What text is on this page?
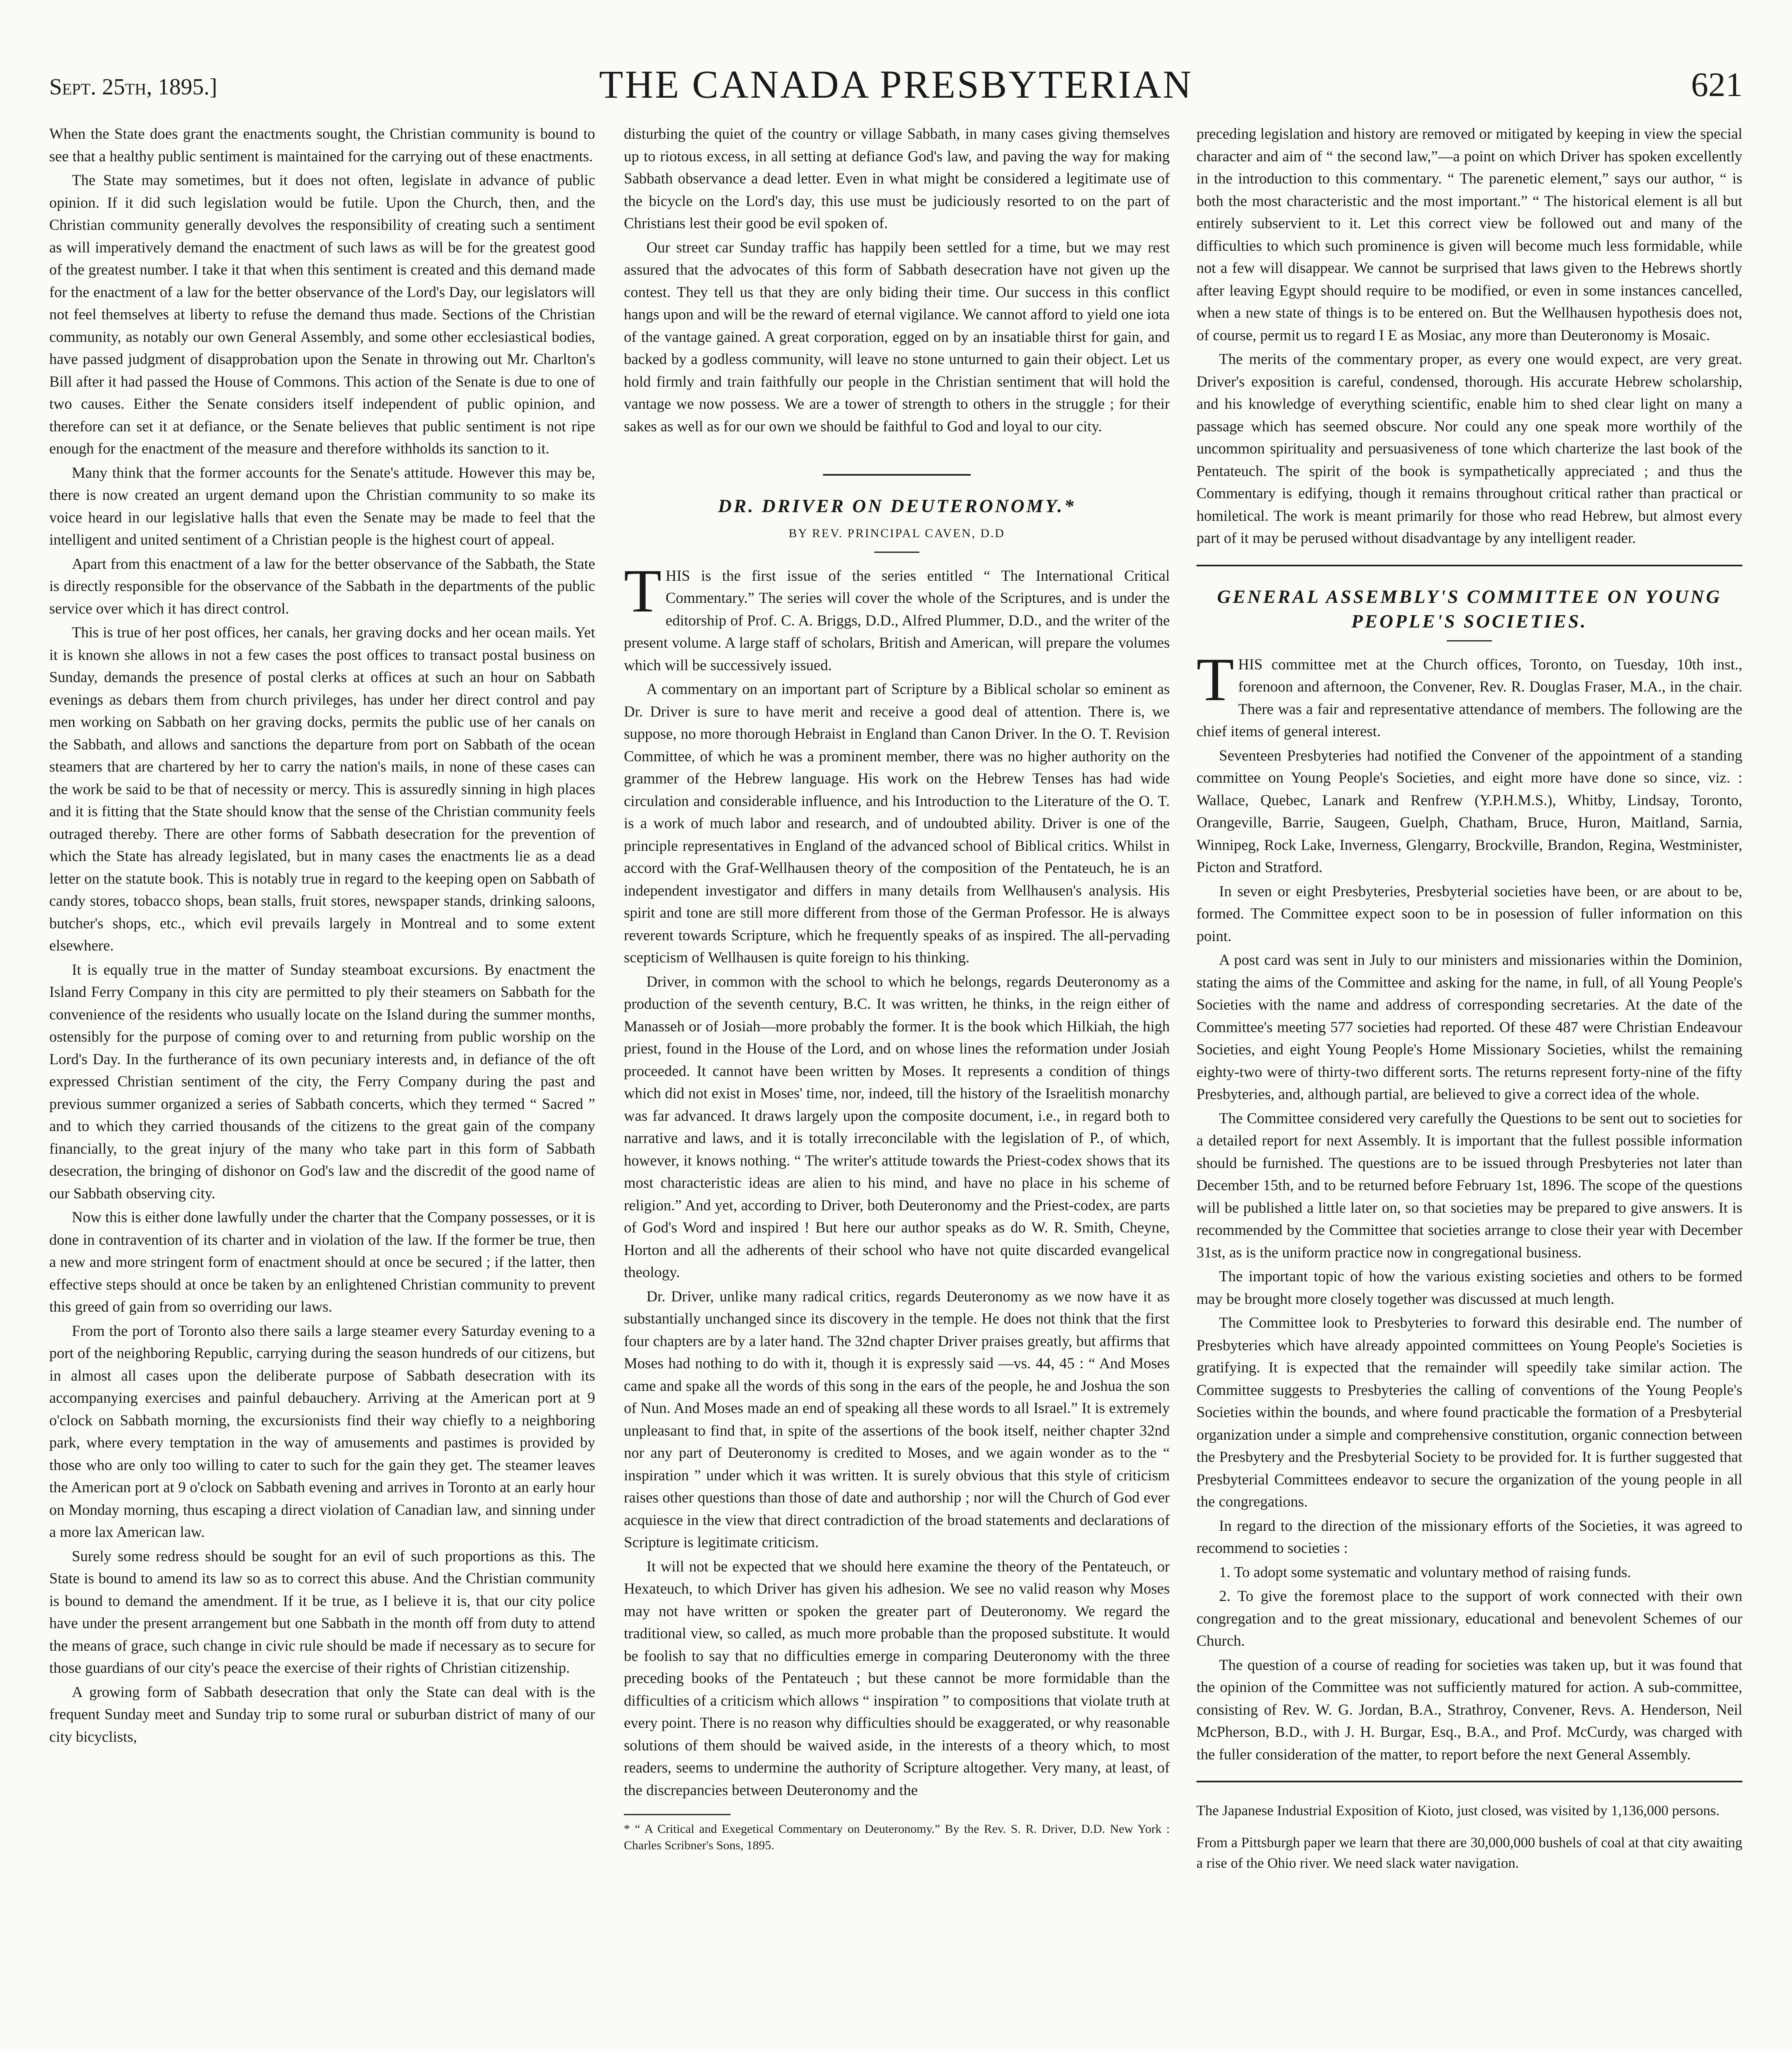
Sept. 25th, 1895.]	THE CANADA PRESBYTERIAN	621

When the State does grant the enactments sought, the Christian community is bound to see that a healthy public sentiment is maintained for the carrying out of these enactments.

The State may sometimes, but it does not often, legislate in advance of public opinion. If it did such legislation would be futile. Upon the Church, then, and the Christian community generally devolves the responsibility of creating such a sentiment as will imperatively demand the enactment of such laws as will be for the greatest good of the greatest number. I take it that when this sentiment is created and this demand made for the enactment of a law for the better observance of the Lord's Day, our legislators will not feel themselves at liberty to refuse the demand thus made. Sections of the Christian community, as notably our own General Assembly, and some other ecclesiastical bodies, have passed judgment of disapprobation upon the Senate in throwing out Mr. Charlton's Bill after it had passed the House of Commons. This action of the Senate is due to one of two causes. Either the Senate considers itself independent of public opinion, and therefore can set it at defiance, or the Senate believes that public sentiment is not ripe enough for the enactment of the measure and therefore withholds its sanction to it.

Many think that the former accounts for the Senate's attitude. However this may be, there is now created an urgent demand upon the Christian community to so make its voice heard in our legislative halls that even the Senate may be made to feel that the intelligent and united sentiment of a Christian people is the highest court of appeal.

Apart from this enactment of a law for the better observance of the Sabbath, the State is directly responsible for the observance of the Sabbath in the departments of the public service over which it has direct control.

This is true of her post offices, her canals, her graving docks and her ocean mails. Yet it is known she allows in not a few cases the post offices to transact postal business on Sunday, demands the presence of postal clerks at offices at such an hour on Sabbath evenings as debars them from church privileges, has under her direct control and pay men working on Sabbath on her graving docks, permits the public use of her canals on the Sabbath, and allows and sanctions the departure from port on Sabbath of the ocean steamers that are chartered by her to carry the nation's mails, in none of these cases can the work be said to be that of necessity or mercy. This is assuredly sinning in high places and it is fitting that the State should know that the sense of the Christian community feels outraged thereby. There are other forms of Sabbath desecration for the prevention of which the State has already legislated, but in many cases the enactments lie as a dead letter on the statute book. This is notably true in regard to the keeping open on Sabbath of candy stores, tobacco shops, bean stalls, fruit stores, newspaper stands, drinking saloons, butcher's shops, etc., which evil prevails largely in Montreal and to some extent elsewhere.

It is equally true in the matter of Sunday steamboat excursions. By enactment the Island Ferry Company in this city are permitted to ply their steamers on Sabbath for the convenience of the residents who usually locate on the Island during the summer months, ostensibly for the purpose of coming over to and returning from public worship on the Lord's Day. In the furtherance of its own pecuniary interests and, in defiance of the oft expressed Christian sentiment of the city, the Ferry Company during the past and previous summer organized a series of Sabbath concerts, which they termed “ Sacred ” and to which they carried thousands of the citizens to the great gain of the company financially, to the great injury of the many who take part in this form of Sabbath desecration, the bringing of dishonor on God's law and the discredit of the good name of our Sabbath observing city.

Now this is either done lawfully under the charter that the Company possesses, or it is done in contravention of its charter and in violation of the law. If the former be true, then a new and more stringent form of enactment should at once be secured ; if the latter, then effective steps should at once be taken by an enlightened Christian community to prevent this greed of gain from so overriding our laws.

From the port of Toronto also there sails a large steamer every Saturday evening to a port of the neighboring Republic, carrying during the season hundreds of our citizens, but in almost all cases upon the deliberate purpose of Sabbath desecration with its accompanying exercises and painful debauchery. Arriving at the American port at 9 o'clock on Sabbath morning, the excursionists find their way chiefly to a neighboring park, where every temptation in the way of amusements and pastimes is provided by those who are only too willing to cater to such for the gain they get. The steamer leaves the American port at 9 o'clock on Sabbath evening and arrives in Toronto at an early hour on Monday morning, thus escaping a direct violation of Canadian law, and sinning under a more lax American law.

Surely some redress should be sought for an evil of such proportions as this. The State is bound to amend its law so as to correct this abuse. And the Christian community is bound to demand the amendment. If it be true, as I believe it is, that our city police have under the present arrangement but one Sabbath in the month off from duty to attend the means of grace, such change in civic rule should be made if necessary as to secure for those guardians of our city's peace the exercise of their rights of Christian citizenship.

A growing form of Sabbath desecration that only the State can deal with is the frequent Sunday meet and Sunday trip to some rural or suburban district of many of our city bicyclists,

disturbing the quiet of the country or village Sabbath, in many cases giving themselves up to riotous excess, in all setting at defiance God's law, and paving the way for making Sabbath observance a dead letter. Even in what might be considered a legitimate use of the bicycle on the Lord's day, this use must be judiciously resorted to on the part of Christians lest their good be evil spoken of.

Our street car Sunday traffic has happily been settled for a time, but we may rest assured that the advocates of this form of Sabbath desecration have not given up the contest. They tell us that they are only biding their time. Our success in this conflict hangs upon and will be the reward of eternal vigilance. We cannot afford to yield one iota of the vantage gained. A great corporation, egged on by an insatiable thirst for gain, and backed by a godless community, will leave no stone unturned to gain their object. Let us hold firmly and train faithfully our people in the Christian sentiment that will hold the vantage we now possess. We are a tower of strength to others in the struggle ; for their sakes as well as for our own we should be faithful to God and loyal to our city.

DR. DRIVER ON DEUTERONOMY.*
BY REV. PRINCIPAL CAVEN, D.D

THIS is the first issue of the series entitled “ The International Critical Commentary.” The series will cover the whole of the Scriptures, and is under the editorship of Prof. C. A. Briggs, D.D., Alfred Plummer, D.D., and the writer of the present volume. A large staff of scholars, British and American, will prepare the volumes which will be successively issued.

A commentary on an important part of Scripture by a Biblical scholar so eminent as Dr. Driver is sure to have merit and receive a good deal of attention. There is, we suppose, no more thorough Hebraist in England than Canon Driver. In the O. T. Revision Committee, of which he was a prominent member, there was no higher authority on the grammer of the Hebrew language. His work on the Hebrew Tenses has had wide circulation and considerable influence, and his Introduction to the Literature of the O. T. is a work of much labor and research, and of undoubted ability. Driver is one of the principle representatives in England of the advanced school of Biblical critics. Whilst in accord with the Graf-Wellhausen theory of the composition of the Pentateuch, he is an independent investigator and differs in many details from Wellhausen's analysis. His spirit and tone are still more different from those of the German Professor. He is always reverent towards Scripture, which he frequently speaks of as inspired. The all-pervading scepticism of Wellhausen is quite foreign to his thinking.

Driver, in common with the school to which he belongs, regards Deuteronomy as a production of the seventh century, B.C. It was written, he thinks, in the reign either of Manasseh or of Josiah—more probably the former. It is the book which Hilkiah, the high priest, found in the House of the Lord, and on whose lines the reformation under Josiah proceeded. It cannot have been written by Moses. It represents a condition of things which did not exist in Moses' time, nor, indeed, till the history of the Israelitish monarchy was far advanced. It draws largely upon the composite document, i.e., in regard both to narrative and laws, and it is totally irreconcilable with the legislation of P., of which, however, it knows nothing. “ The writer's attitude towards the Priest-codex shows that its most characteristic ideas are alien to his mind, and have no place in his scheme of religion.” And yet, according to Driver, both Deuteronomy and the Priest-codex, are parts of God's Word and inspired ! But here our author speaks as do W. R. Smith, Cheyne, Horton and all the adherents of their school who have not quite discarded evangelical theology.

Dr. Driver, unlike many radical critics, regards Deuteronomy as we now have it as substantially unchanged since its discovery in the temple. He does not think that the first four chapters are by a later hand. The 32nd chapter Driver praises greatly, but affirms that Moses had nothing to do with it, though it is expressly said —vs. 44, 45 : “ And Moses came and spake all the words of this song in the ears of the people, he and Joshua the son of Nun. And Moses made an end of speaking all these words to all Israel.” It is extremely unpleasant to find that, in spite of the assertions of the book itself, neither chapter 32nd nor any part of Deuteronomy is credited to Moses, and we again wonder as to the “ inspiration ” under which it was written. It is surely obvious that this style of criticism raises other questions than those of date and authorship ; nor will the Church of God ever acquiesce in the view that direct contradiction of the broad statements and declarations of Scripture is legitimate criticism.

It will not be expected that we should here examine the theory of the Pentateuch, or Hexateuch, to which Driver has given his adhesion. We see no valid reason why Moses may not have written or spoken the greater part of Deuteronomy. We regard the traditional view, so called, as much more probable than the proposed substitute. It would be foolish to say that no difficulties emerge in comparing Deuteronomy with the three preceding books of the Pentateuch ; but these cannot be more formidable than the difficulties of a criticism which allows “ inspiration ” to compositions that violate truth at every point. There is no reason why difficulties should be exaggerated, or why reasonable solutions of them should be waived aside, in the interests of a theory which, to most readers, seems to undermine the authority of Scripture altogether. Very many, at least, of the discrepancies between Deuteronomy and the

* “ A Critical and Exegetical Commentary on Deuteronomy.” By the Rev. S. R. Driver, D.D. New York : Charles Scribner's Sons, 1895.

preceding legislation and history are removed or mitigated by keeping in view the special character and aim of “ the second law,”—a point on which Driver has spoken excellently in the introduction to this commentary. “ The parenetic element,” says our author, “ is both the most characteristic and the most important.” “ The historical element is all but entirely subservient to it. Let this correct view be followed out and many of the difficulties to which such prominence is given will become much less formidable, while not a few will disappear. We cannot be surprised that laws given to the Hebrews shortly after leaving Egypt should require to be modified, or even in some instances cancelled, when a new state of things is to be entered on. But the Wellhausen hypothesis does not, of course, permit us to regard I E as Mosiac, any more than Deuteronomy is Mosaic.

The merits of the commentary proper, as every one would expect, are very great. Driver's exposition is careful, condensed, thorough. His accurate Hebrew scholarship, and his knowledge of everything scientific, enable him to shed clear light on many a passage which has seemed obscure. Nor could any one speak more worthily of the uncommon spirituality and persuasiveness of tone which charterize the last book of the Pentateuch. The spirit of the book is sympathetically appreciated ; and thus the Commentary is edifying, though it remains throughout critical rather than practical or homiletical. The work is meant primarily for those who read Hebrew, but almost every part of it may be perused without disadvantage by any intelligent reader.

GENERAL ASSEMBLY'S COMMITTEE ON YOUNG PEOPLE'S SOCIETIES.

THIS committee met at the Church offices, Toronto, on Tuesday, 10th inst., forenoon and afternoon, the Convener, Rev. R. Douglas Fraser, M.A., in the chair. There was a fair and representative attendance of members. The following are the chief items of general interest.

Seventeen Presbyteries had notified the Convener of the appointment of a standing committee on Young People's Societies, and eight more have done so since, viz. : Wallace, Quebec, Lanark and Renfrew (Y.P.H.M.S.), Whitby, Lindsay, Toronto, Orangeville, Barrie, Saugeen, Guelph, Chatham, Bruce, Huron, Maitland, Sarnia, Winnipeg, Rock Lake, Inverness, Glengarry, Brockville, Brandon, Regina, Westminister, Picton and Stratford.

In seven or eight Presbyteries, Presbyterial societies have been, or are about to be, formed. The Committee expect soon to be in posession of fuller information on this point.

A post card was sent in July to our ministers and missionaries within the Dominion, stating the aims of the Committee and asking for the name, in full, of all Young People's Societies with the name and address of corresponding secretaries. At the date of the Committee's meeting 577 societies had reported. Of these 487 were Christian Endeavour Societies, and eight Young People's Home Missionary Societies, whilst the remaining eighty-two were of thirty-two different sorts. The returns represent forty-nine of the fifty Presbyteries, and, although partial, are believed to give a correct idea of the whole.

The Committee considered very carefully the Questions to be sent out to societies for a detailed report for next Assembly. It is important that the fullest possible information should be furnished. The questions are to be issued through Presbyteries not later than December 15th, and to be returned before February 1st, 1896. The scope of the questions will be published a little later on, so that societies may be prepared to give answers. It is recommended by the Committee that societies arrange to close their year with December 31st, as is the uniform practice now in congregational business.

The important topic of how the various existing societies and others to be formed may be brought more closely together was discussed at much length.

The Committee look to Presbyteries to forward this desirable end. The number of Presbyteries which have already appointed committees on Young People's Societies is gratifying. It is expected that the remainder will speedily take similar action. The Committee suggests to Presbyteries the calling of conventions of the Young People's Societies within the bounds, and where found practicable the formation of a Presbyterial organization under a simple and comprehensive constitution, organic connection between the Presbytery and the Presbyterial Society to be provided for. It is further suggested that Presbyterial Committees endeavor to secure the organization of the young people in all the congregations.

In regard to the direction of the missionary efforts of the Societies, it was agreed to recommend to societies :

1. To adopt some systematic and voluntary method of raising funds.

2. To give the foremost place to the support of work connected with their own congregation and to the great missionary, educational and benevolent Schemes of our Church.

The question of a course of reading for societies was taken up, but it was found that the opinion of the Committee was not sufficiently matured for action. A sub-committee, consisting of Rev. W. G. Jordan, B.A., Strathroy, Convener, Revs. A. Henderson, Neil McPherson, B.D., with J. H. Burgar, Esq., B.A., and Prof. McCurdy, was charged with the fuller consideration of the matter, to report before the next General Assembly.

The Japanese Industrial Exposition of Kioto, just closed, was visited by 1,136,000 persons.
From a Pittsburgh paper we learn that there are 30,000,000 bushels of coal at that city awaiting a rise of the Ohio river. We need slack water navigation.
